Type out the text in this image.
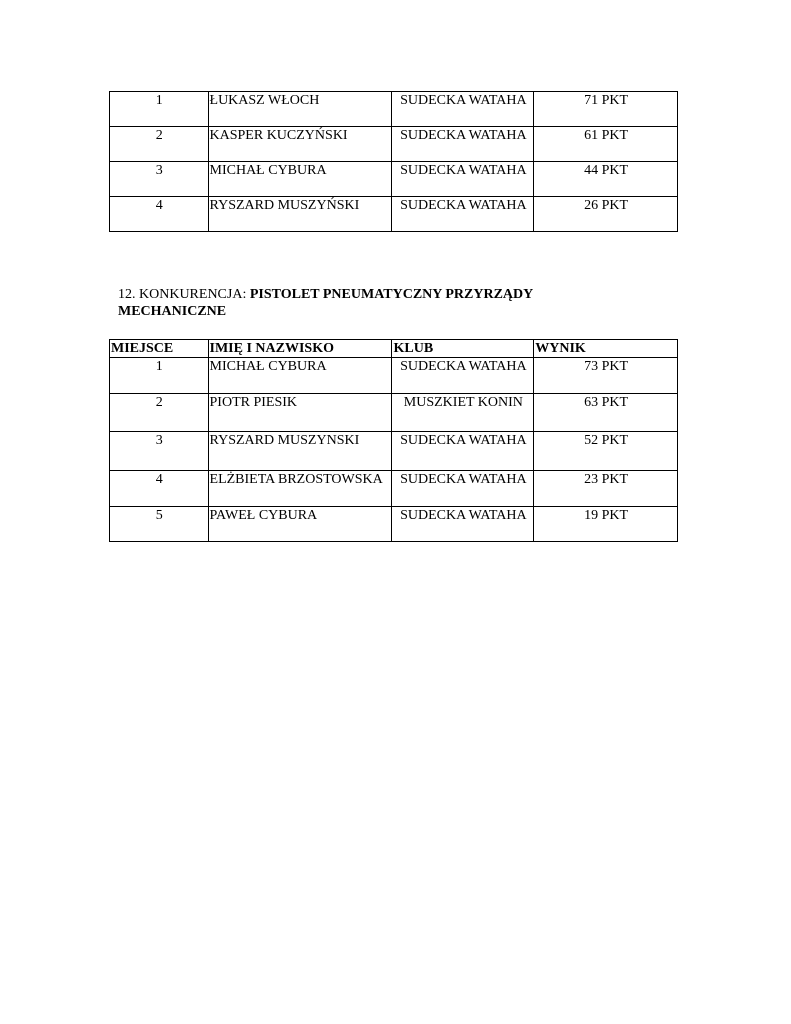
1	ŁUKASZ WŁOCH	SUDECKA WATAHA	71 PKT
2	KASPER KUCZYŃSKI	SUDECKA WATAHA	61 PKT
3	MICHAŁ CYBURA	SUDECKA WATAHA	44 PKT
4	RYSZARD MUSZYŃSKI	SUDECKA WATAHA	26 PKT
12. KONKURENCJA: PISTOLET PNEUMATYCZNY PRZYRZĄDY MECHANICZNE
MIEJSCE	IMIĘ I NAZWISKO	KLUB	WYNIK
1	MICHAŁ CYBURA	SUDECKA WATAHA	73 PKT
2	PIOTR PIESIK	MUSZKIET KONIN	63 PKT
3	RYSZARD MUSZYNSKI	SUDECKA WATAHA	52 PKT
4	ELŻBIETA BRZOSTOWSKA	SUDECKA WATAHA	23 PKT
5	PAWEŁ CYBURA	SUDECKA WATAHA	19 PKT
